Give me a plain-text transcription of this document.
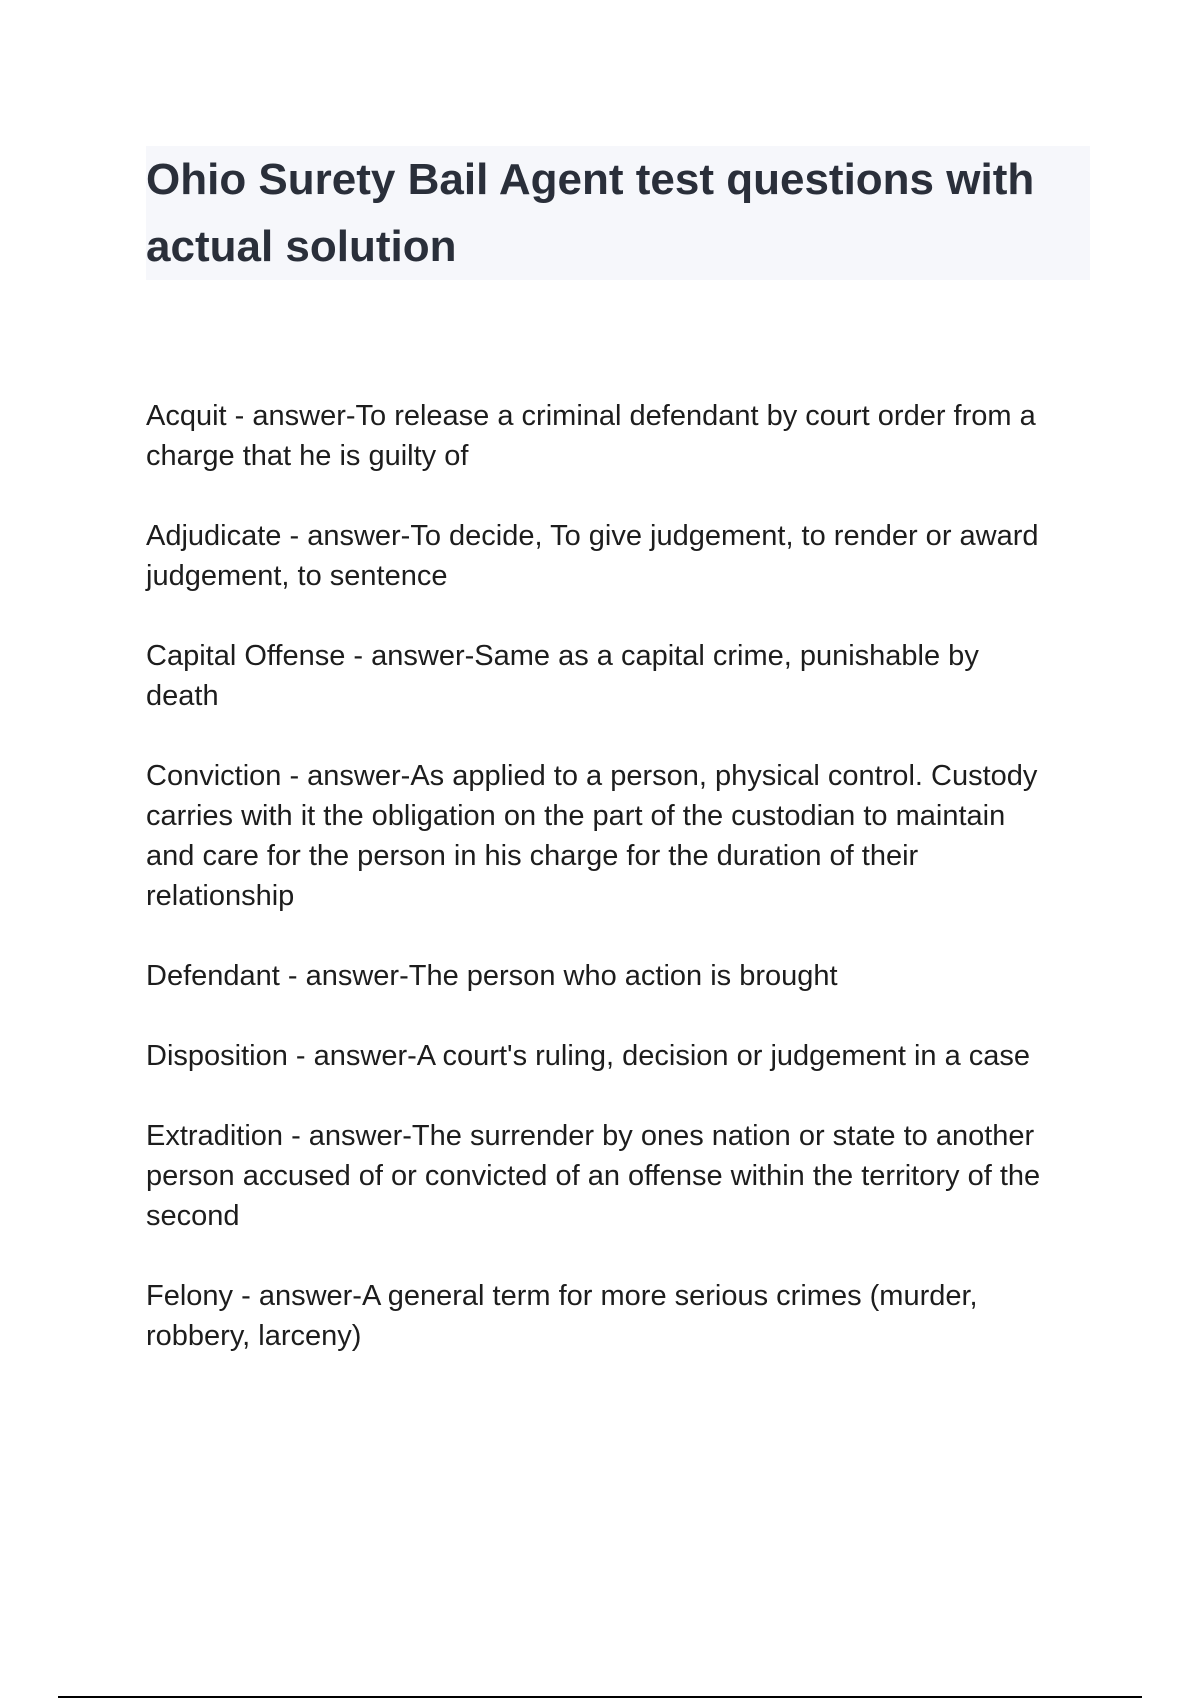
Ohio Surety Bail Agent test questions with actual solution

Acquit - answer-To release a criminal defendant by court order from a
charge that he is guilty of

Adjudicate - answer-To decide, To give judgement, to render or award
judgement, to sentence

Capital Offense - answer-Same as a capital crime, punishable by
death

Conviction - answer-As applied to a person, physical control. Custody
carries with it the obligation on the part of the custodian to maintain
and care for the person in his charge for the duration of their
relationship

Defendant - answer-The person who action is brought

Disposition - answer-A court's ruling, decision or judgement in a case

Extradition - answer-The surrender by ones nation or state to another
person accused of or convicted of an offense within the territory of the
second

Felony - answer-A general term for more serious crimes (murder,
robbery, larceny)
